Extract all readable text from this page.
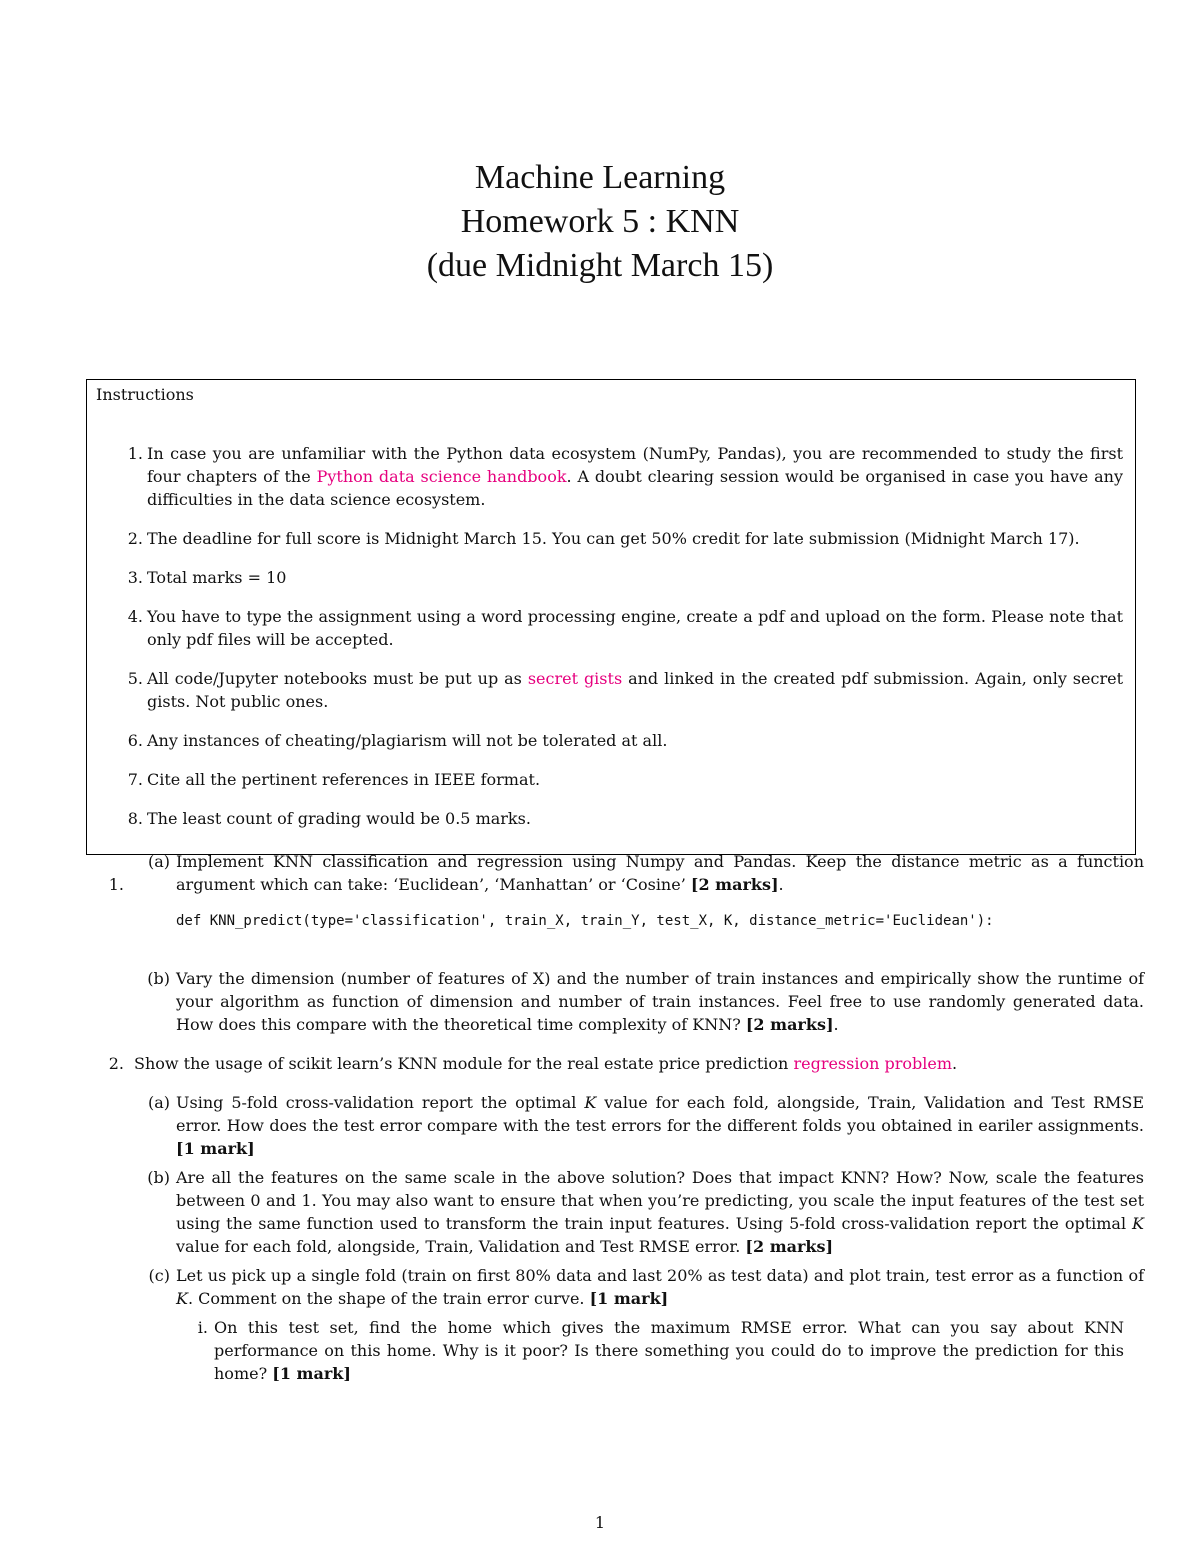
Machine Learning
Homework 5 : KNN
(due Midnight March 15)
Instructions
1. In case you are unfamiliar with the Python data ecosystem (NumPy, Pandas), you are recommended to study the first four chapters of the Python data science handbook. A doubt clearing session would be organised in case you have any difficulties in the data science ecosystem.
2. The deadline for full score is Midnight March 15. You can get 50% credit for late submission (Midnight March 17).
3. Total marks = 10
4. You have to type the assignment using a word processing engine, create a pdf and upload on the form. Please note that only pdf files will be accepted.
5. All code/Jupyter notebooks must be put up as secret gists and linked in the created pdf submission. Again, only secret gists. Not public ones.
6. Any instances of cheating/plagiarism will not be tolerated at all.
7. Cite all the pertinent references in IEEE format.
8. The least count of grading would be 0.5 marks.
1.
(a) Implement KNN classification and regression using Numpy and Pandas. Keep the distance metric as a function argument which can take: ‘Euclidean’, ‘Manhattan’ or ‘Cosine’ [2 marks].
def KNN_predict(type='classification', train_X, train_Y, test_X, K, distance_metric='Euclidean'):
(b) Vary the dimension (number of features of X) and the number of train instances and empirically show the runtime of your algorithm as function of dimension and number of train instances. Feel free to use randomly generated data. How does this compare with the theoretical time complexity of KNN? [2 marks].
2. Show the usage of scikit learn’s KNN module for the real estate price prediction regression problem.
(a) Using 5-fold cross-validation report the optimal K value for each fold, alongside, Train, Validation and Test RMSE error. How does the test error compare with the test errors for the different folds you obtained in eariler assignments. [1 mark]
(b) Are all the features on the same scale in the above solution? Does that impact KNN? How? Now, scale the features between 0 and 1. You may also want to ensure that when you’re predicting, you scale the input features of the test set using the same function used to transform the train input features. Using 5-fold cross-validation report the optimal K value for each fold, alongside, Train, Validation and Test RMSE error. [2 marks]
(c) Let us pick up a single fold (train on first 80% data and last 20% as test data) and plot train, test error as a function of K. Comment on the shape of the train error curve. [1 mark]
i. On this test set, find the home which gives the maximum RMSE error. What can you say about KNN performance on this home. Why is it poor? Is there something you could do to improve the prediction for this home? [1 mark]
1
